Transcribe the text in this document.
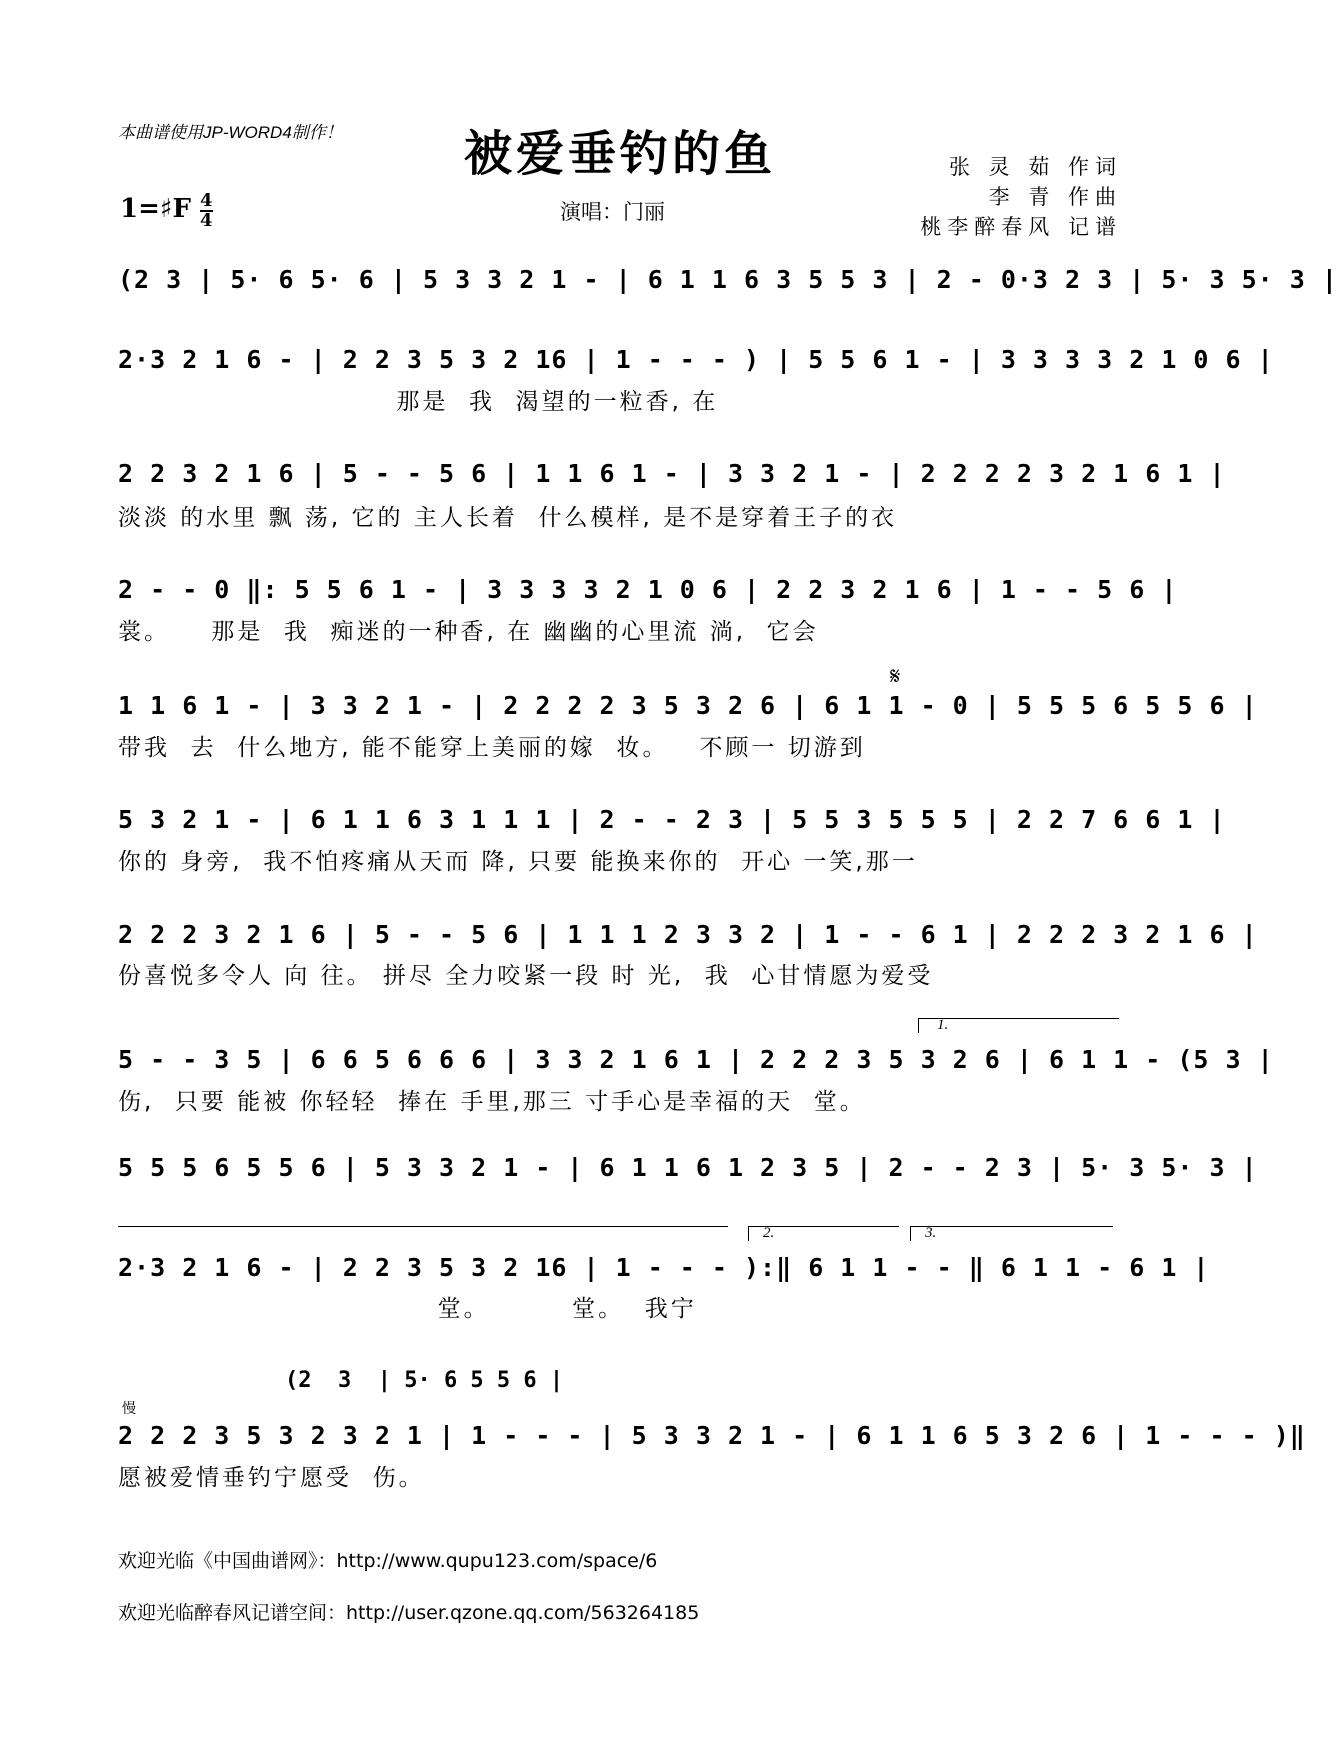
本曲谱使用JP-WORD4制作！	被爱垂钓的鱼
演唱：门丽
张 灵 茹 作词
李 青 作曲
桃李醉春风 记谱
1=♯F 4
4
(2 3 | 5· 6 5· 6 | 5 3 3 2 1 - | 6 1 1 6 3 5 5 3 | 2 - 0·3 2 3 | 5· 3 5· 3 |
2·3 2 1 6 - | 2 2 3 5 3 2 16 | 1 - - - ) | 5 5 6 1 - | 3 3 3 3 2 1 0 6 |
那是  我  渴望的一粒香, 在
2 2 3 2 1 6 | 5 - - 5 6 | 1 1 6 1 - | 3 3 2 1 - | 2 2 2 2 3 2 1 6 1 |
淡淡 的水里 飘 荡, 它的 主人长着  什么模样, 是不是穿着王子的衣
2 - - 0 ‖: 5 5 6 1 - | 3 3 3 3 2 1 0 6 | 2 2 3 2 1 6 | 1 - - 5 6 |
裳。    那是  我  痴迷的一种香, 在 幽幽的心里流 淌,  它会
𝄋
1 1 6 1 - | 3 3 2 1 - | 2 2 2 2 3 5 3 2 6 | 6 1 1 - 0 | 5 5 5 6 5 5 6 |
带我  去  什么地方, 能不能穿上美丽的嫁  妆。   不顾一 切游到
5 3 2 1 - | 6 1 1 6 3 1 1 1 | 2 - - 2 3 | 5 5 3 5 5 5 | 2 2 7 6 6 1 |
你的 身旁,  我不怕疼痛从天而 降, 只要 能换来你的  开心 一笑,那一
2 2 2 3 2 1 6 | 5 - - 5 6 | 1 1 1 2 3 3 2 | 1 - - 6 1 | 2 2 2 3 2 1 6 |
份喜悦多令人 向 往。 拼尽 全力咬紧一段 时 光,  我  心甘情愿为爱受
1.
5 - - 3 5 | 6 6 5 6 6 6 | 3 3 2 1 6 1 | 2 2 2 3 5 3 2 6 | 6 1 1 - (5 3 |
伤,  只要 能被 你轻轻  捧在 手里,那三 寸手心是幸福的天  堂。
5 5 5 6 5 5 6 | 5 3 3 2 1 - | 6 1 1 6 1 2 3 5 | 2 - - 2 3 | 5· 3 5· 3 |
2.	3.
2·3 2 1 6 - | 2 2 3 5 3 2 16 | 1 - - - ):‖ 6 1 1 - - ‖ 6 1 1 - 6 1 |
堂。        堂。  我宁
(2  3  | 5· 6 5 5 6 |
慢
2 2 2 3 5 3 2 3 2 1 | 1 - - - | 5 3 3 2 1 - | 6 1 1 6 5 3 2 6 | 1 - - - )‖
愿被爱情垂钓宁愿受  伤。
欢迎光临《中国曲谱网》：http://www.qupu123.com/space/6
欢迎光临醉春风记谱空间：http://user.qzone.qq.com/563264185
